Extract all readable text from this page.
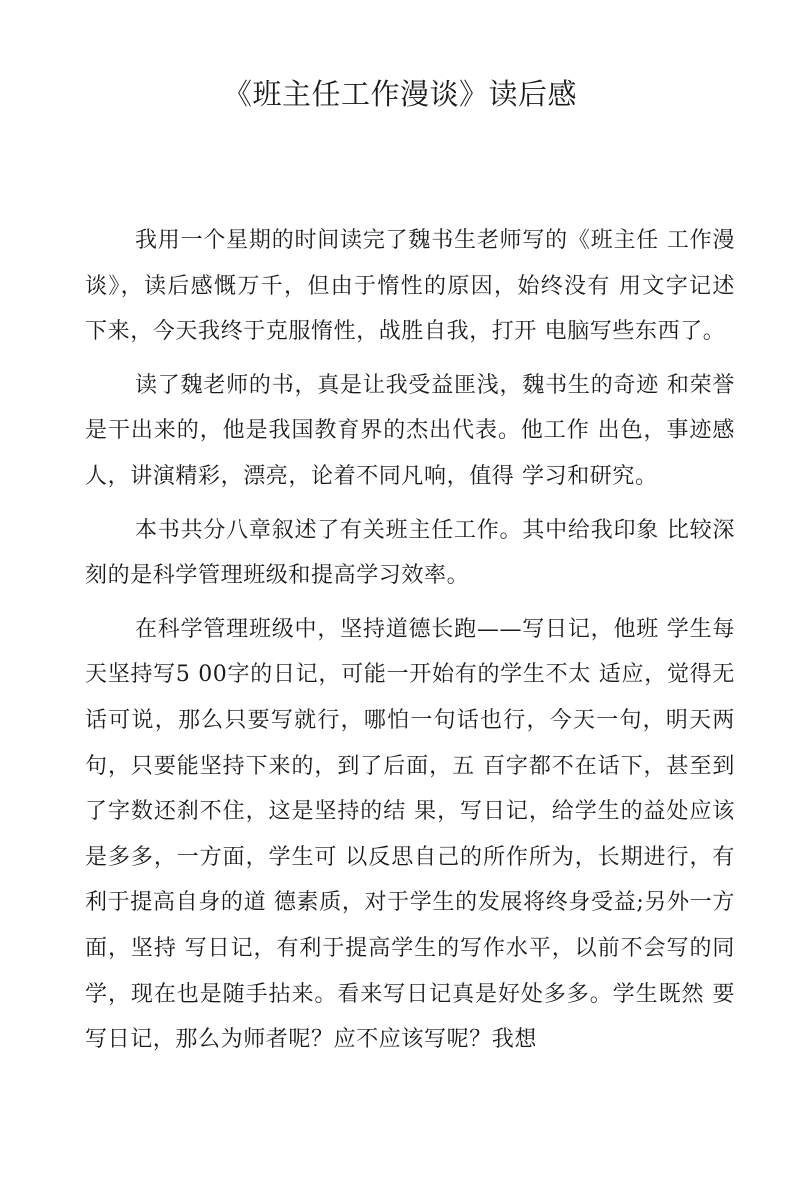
《班主任工作漫谈》读后感

我用一个星期的时间读完了魏书生老师写的《班主任 工作漫谈》，读后感慨万千，但由于惰性的原因，始终没有 用文字记述下来，今天我终于克服惰性，战胜自我，打开 电脑写些东西了。

读了魏老师的书，真是让我受益匪浅，魏书生的奇迹 和荣誉是干出来的，他是我国教育界的杰出代表。他工作 出色，事迹感人，讲演精彩，漂亮，论着不同凡响，值得 学习和研究。

本书共分八章叙述了有关班主任工作。其中给我印象 比较深刻的是科学管理班级和提高学习效率。

在科学管理班级中，坚持道德长跑——写日记，他班 学生每天坚持写5 00字的日记，可能一开始有的学生不太 适应，觉得无话可说，那么只要写就行，哪怕一句话也行，今天一句，明天两句，只要能坚持下来的，到了后面，五 百字都不在话下，甚至到了字数还刹不住，这是坚持的结 果，写日记，给学生的益处应该是多多，一方面，学生可 以反思自己的所作所为，长期进行，有利于提高自身的道 德素质，对于学生的发展将终身受益;另外一方面，坚持 写日记，有利于提高学生的写作水平，以前不会写的同学，现在也是随手拈来。看来写日记真是好处多多。学生既然 要写日记，那么为师者呢？应不应该写呢？我想
